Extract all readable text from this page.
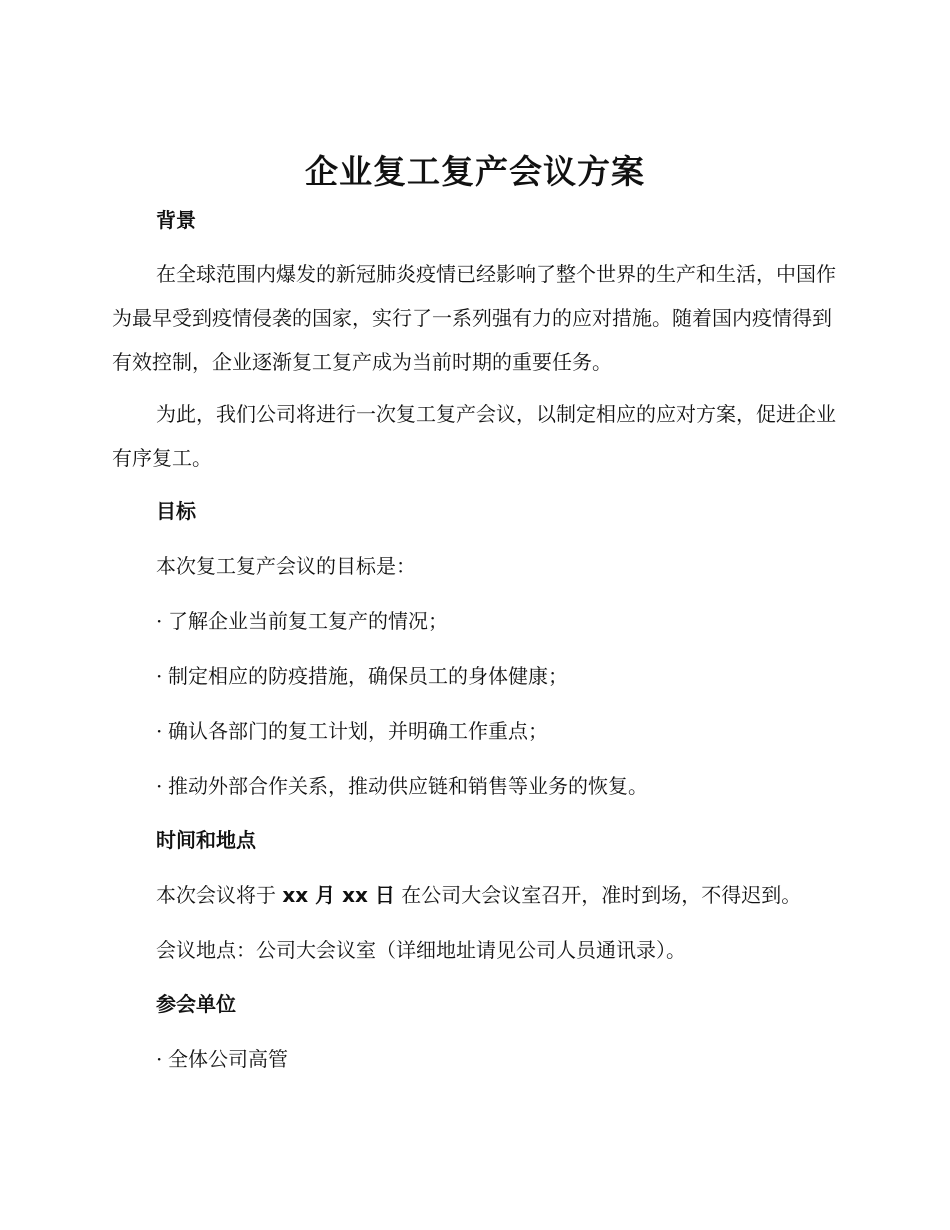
企业复工复产会议方案
背景

在全球范围内爆发的新冠肺炎疫情已经影响了整个世界的生产和生活，中国作为最早受到疫情侵袭的国家，实行了一系列强有力的应对措施。随着国内疫情得到有效控制，企业逐渐复工复产成为当前时期的重要任务。

为此，我们公司将进行一次复工复产会议，以制定相应的应对方案，促进企业有序复工。

目标

本次复工复产会议的目标是：

· 了解企业当前复工复产的情况；

· 制定相应的防疫措施，确保员工的身体健康；

· 确认各部门的复工计划，并明确工作重点；

· 推动外部合作关系，推动供应链和销售等业务的恢复。

时间和地点

本次会议将于 xx 月 xx 日 在公司大会议室召开，准时到场，不得迟到。

会议地点：公司大会议室（详细地址请见公司人员通讯录）。

参会单位

· 全体公司高管
